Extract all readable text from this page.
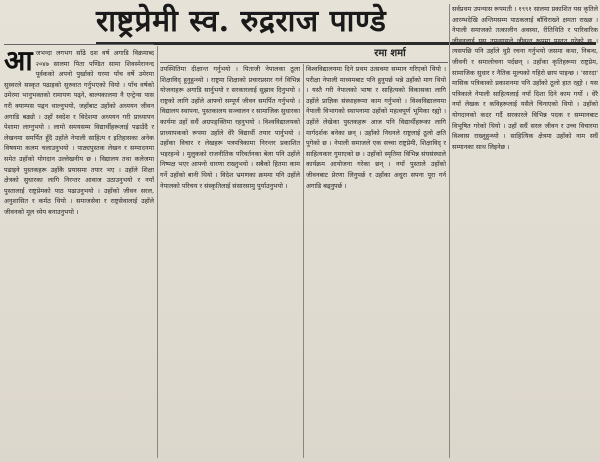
राष्ट्रप्रेमी स्व. रुद्रराज पाण्डे
रमा शर्मा
आ जभन्दा लगभग साँढे दश वर्ष अगाडि विक्रमाब्द २०४७ सालमा पिता पण्डित सामा शिवस्मेरानन्द पूर्वकको अपनो पुर्खाको घरमा पाँच वर्षे उमेरमा सुस्वरले सस्कृत पढाइको सुरुवात गर्नुभएको थियो । पाँच वर्षको उमेरमा भानुभक्तको रामायण पढ्ने, बाल्यकालमा नै एन्ट्रेन्स पास गरी क्याम्पस पढ्न थाल्नुभयो, जहाँबाट उहाँको अध्ययन जीवन अगाडि बढ्यो । उहाँ स्वदेश र विदेशमा अध्ययन गरी प्राध्यापन पेशामा लाग्नुभयो । लामो समयसम्म विद्यार्थीहरूलाई पढाउँदै र लेखनमा समर्पित हुँदै उहाँले नेपाली साहित्य र इतिहासका अनेक विषयमा कलम चलाउनुभयो । पाठ्यपुस्तक लेखन र सम्पादनमा समेत उहाँको योगदान उल्लेखनीय छ । विद्यालय तथा कलेजमा पढाइने पुस्तकहरू उहाँकै प्रयासमा तयार भए । उहाँले शिक्षा क्षेत्रको सुधारका लागि निरन्तर आवाज उठाउनुभयो र नयाँ पुस्तालाई राष्ट्रप्रेमको पाठ पढाउनुभयो । उहाँको जीवन सरल, अनुशासित र कर्मठ थियो । समाजसेवा र राष्ट्रसेवालाई उहाँले जीवनको मूल ध्येय बनाउनुभयो ।

उपस्थितिमा दीक्षान्त गर्नुभयो । पिताजी नेपालका ठूला शिक्षाविद् हुनुहुन्थ्यो । राष्ट्रमा शिक्षाको प्रचारप्रसार गर्न विभिन्न योजनाहरू अगाडि सार्नुभयो र सरकारलाई सुझाव दिनुभयो । राष्ट्रको लागि उहाँले आफ्नो सम्पूर्ण जीवन समर्पित गर्नुभयो । विद्यालय स्थापना, पुस्तकालय सञ्चालन र सामाजिक सुधारका कार्यमा उहाँ सधैं अग्रपङ्क्तिमा रहनुभयो । विश्वविद्यालयको प्राध्यापकको रूपमा उहाँले धेरै विद्यार्थी तयार पार्नुभयो । उहाँका विचार र लेखहरू पत्रपत्रिकामा निरन्तर प्रकाशित भइरहन्थे । मुलुकको राजनीतिक परिवर्तनका बेला पनि उहाँले निष्पक्ष भएर आफ्नो धारणा राख्नुभयो । सबैको हितमा काम गर्ने उहाँको बानी थियो । विदेश भ्रमणका क्रममा पनि उहाँले नेपालको परिचय र संस्कृतिलाई संसारसामु पुर्याउनुभयो ।

विश्वविद्यालयमा दिने प्रथम उत्सवमा सम्मान गरिएको थियो । परीक्षा नेपाली माध्यमबाट पनि हुनुपर्छ भन्ने उहाँको माग थियो । यस्तै गरी नेपालको भाषा र साहित्यको विकासका लागि उहाँले प्राज्ञिक संस्थाहरूमा काम गर्नुभयो । विश्वविद्यालयमा नेपाली विभागको स्थापनामा उहाँको महत्वपूर्ण भूमिका रह्यो । उहाँले लेखेका पुस्तकहरू आज पनि विद्यार्थीहरूका लागि मार्गदर्शक बनेका छन् । उहाँको निधनले राष्ट्रलाई ठूलो क्षति पुगेको छ । नेपाली समाजले एक सच्चा राष्ट्रप्रेमी, शिक्षाविद् र साहित्यकार गुमाएको छ । उहाँको स्मृतिमा विभिन्न संघसंस्थाले कार्यक्रम आयोजना गरेका छन् । नयाँ पुस्ताले उहाँको जीवनबाट प्रेरणा लिनुपर्छ र उहाँका अधुरा सपना पूरा गर्न अगाडि बढ्नुपर्छ ।

सर्वप्रथम उपन्यास रूपमती । १९९१ सालमा प्रकाशित यस कृतिले आरम्भदेखि अन्तिमसम्म पाठकलाई बाँधिराख्ने क्षमता राख्छ । नेपाली समाजको तत्कालीन अवस्था, रीतिथिति र पारिवारिक जीवनलाई यस उपन्यासले जीवन्त रूपमा प्रस्तुत गरेको छ । त्यसपछि पनि उहाँले थुप्रै रचना गर्नुभयो जसमा कथा, निबन्ध, जीवनी र समालोचना पर्दछन् । उहाँका कृतिहरूमा राष्ट्रप्रेम, सामाजिक सुधार र नैतिक मूल्यको गहिरो छाप पाइन्छ । 'सारदा' मासिक पत्रिकाको प्रकाशनमा पनि उहाँको ठूलो हात रह्यो । यस पत्रिकाले नेपाली साहित्यलाई नयाँ दिशा दिने काम गर्यो । धेरै नयाँ लेखक र कविहरूलाई यसैले चिनाएको थियो । उहाँको योगदानको कदर गर्दै सरकारले विभिन्न पदक र सम्मानबाट विभूषित गरेको थियो । उहाँ सधैं सरल जीवन र उच्च विचारमा विश्वास राख्नुहुन्थ्यो । साहित्यिक क्षेत्रमा उहाँको नाम सधैं सम्मानका साथ लिइनेछ ।
